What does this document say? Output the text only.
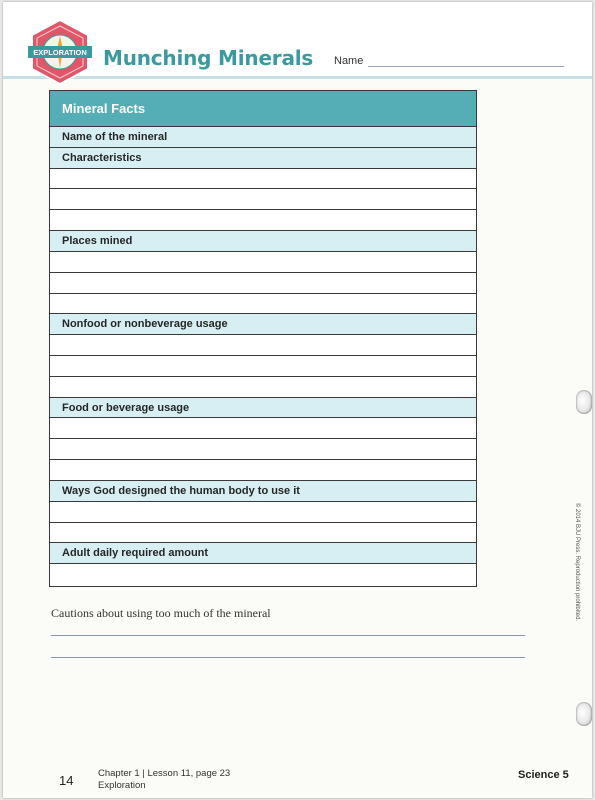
EXPLORATION Munching Minerals Name
Mineral Facts
Name of the mineral
Characteristics
Places mined
Nonfood or nonbeverage usage
Food or beverage usage
Ways God designed the human body to use it
Adult daily required amount
Cautions about using too much of the mineral	© 2014 BJU Press. Reproduction prohibited.
14	Chapter 1 | Lesson 11, page 23
Exploration
Science 5
